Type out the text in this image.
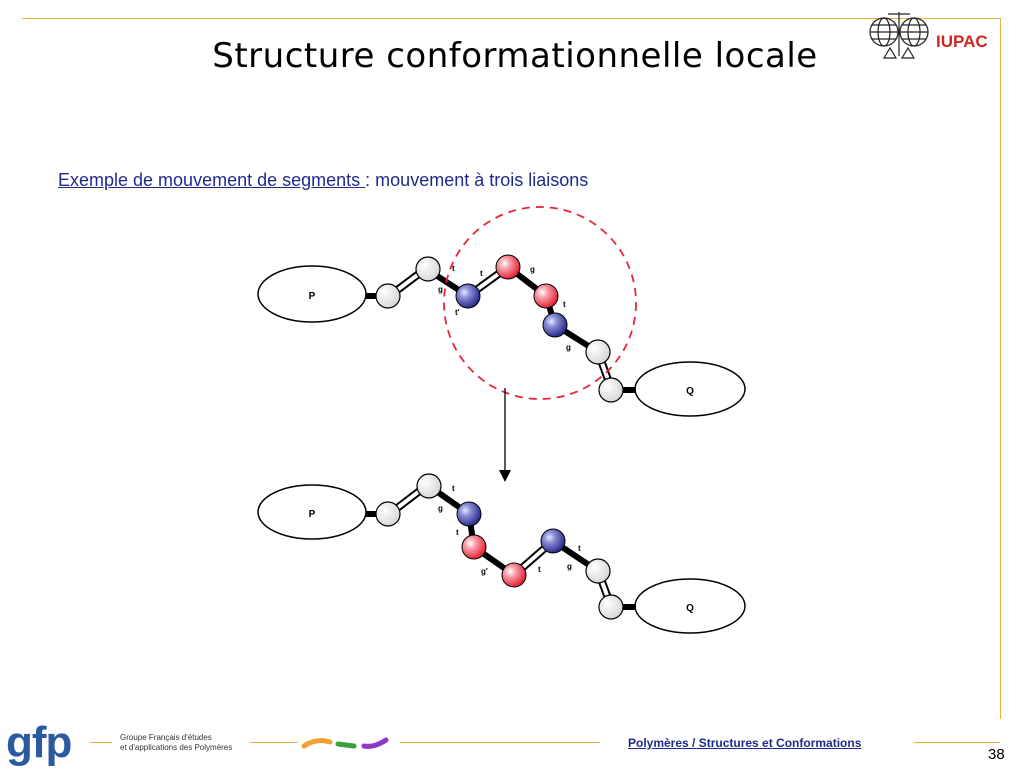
Structure conformationnelle locale	IUPAC
Exemple de mouvement de segments : mouvement à trois liaisons
P
Q
t
g
t'
t	g
t
g
P
Q
t
g
t
g'	t
t
g
gfp	Groupe Français d'études
et d'applications des Polymères	Polymères / Structures et Conformations
38
